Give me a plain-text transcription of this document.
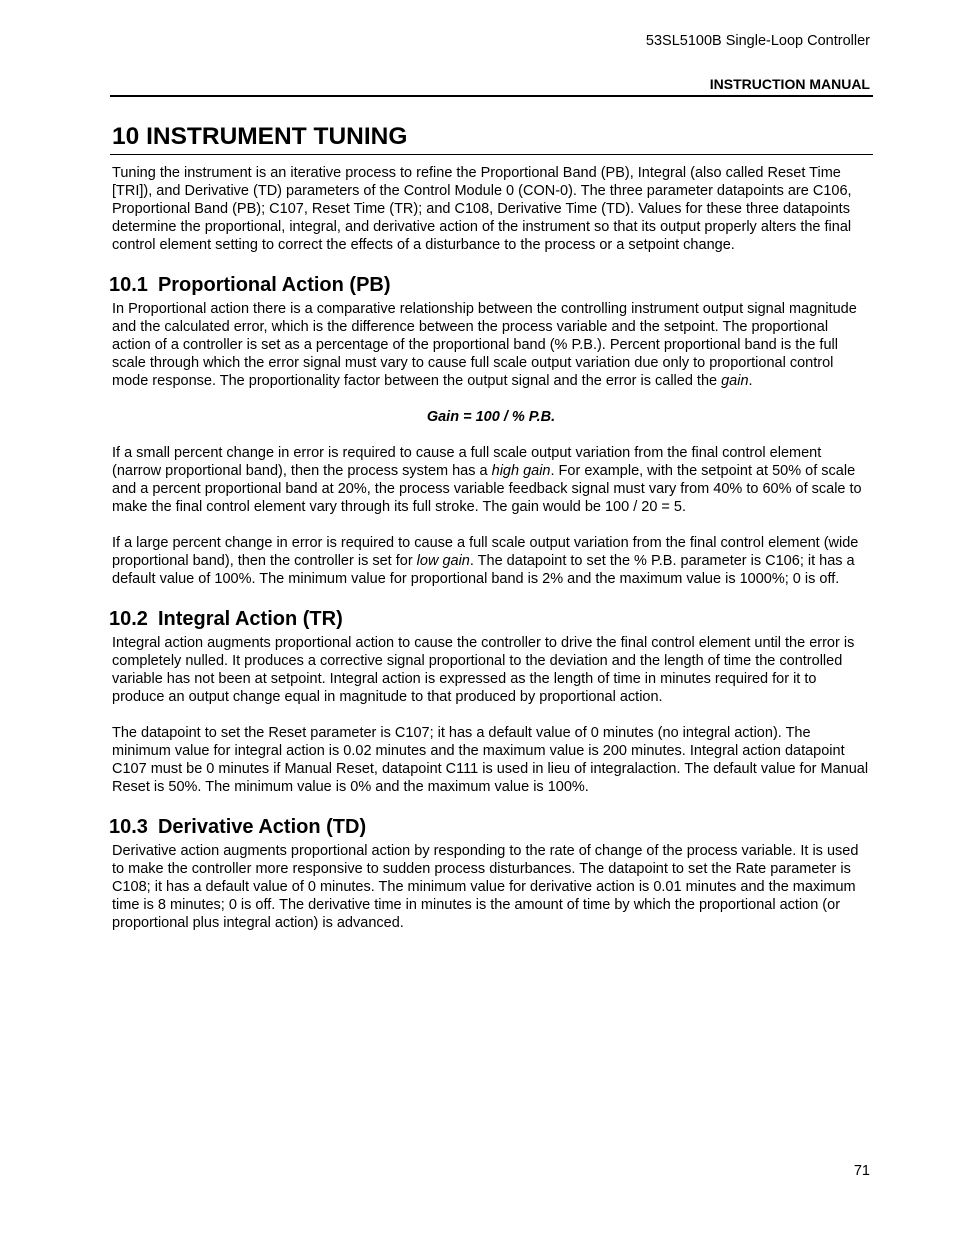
53SL5100B Single-Loop Controller
INSTRUCTION MANUAL
10 INSTRUMENT TUNING

Tuning the instrument is an iterative process to refine the Proportional Band (PB), Integral (also called Reset Time [TRI]), and Derivative (TD) parameters of the Control Module 0 (CON-0). The three parameter datapoints are C106, Proportional Band (PB); C107, Reset Time (TR); and C108, Derivative Time (TD). Values for these three datapoints determine the proportional, integral, and derivative action of the instrument so that its output properly alters the final control element setting to correct the effects of a disturbance to the process or a setpoint change.

10.1 Proportional Action (PB)

In Proportional action there is a comparative relationship between the controlling instrument output signal magnitude and the calculated error, which is the difference between the process variable and the setpoint. The proportional action of a controller is set as a percentage of the proportional band (% P.B.). Percent proportional band is the full scale through which the error signal must vary to cause full scale output variation due only to proportional control mode response. The proportionality factor between the output signal and the error is called the gain.

Gain = 100 / % P.B.

If a small percent change in error is required to cause a full scale output variation from the final control element (narrow proportional band), then the process system has a high gain. For example, with the setpoint at 50% of scale and a percent proportional band at 20%, the process variable feedback signal must vary from 40% to 60% of scale to make the final control element vary through its full stroke. The gain would be 100 / 20 = 5.

If a large percent change in error is required to cause a full scale output variation from the final control element (wide proportional band), then the controller is set for low gain. The datapoint to set the % P.B. parameter is C106; it has a default value of 100%. The minimum value for proportional band is 2% and the maximum value is 1000%; 0 is off.

10.2 Integral Action (TR)

Integral action augments proportional action to cause the controller to drive the final control element until the error is completely nulled. It produces a corrective signal proportional to the deviation and the length of time the controlled variable has not been at setpoint. Integral action is expressed as the length of time in minutes required for it to produce an output change equal in magnitude to that produced by proportional action.

The datapoint to set the Reset parameter is C107; it has a default value of 0 minutes (no integral action). The minimum value for integral action is 0.02 minutes and the maximum value is 200 minutes. Integral action datapoint C107 must be 0 minutes if Manual Reset, datapoint C111 is used in lieu of integralaction. The default value for Manual Reset is 50%. The minimum value is 0% and the maximum value is 100%.

10.3 Derivative Action (TD)

Derivative action augments proportional action by responding to the rate of change of the process variable. It is used to make the controller more responsive to sudden process disturbances. The datapoint to set the Rate parameter is C108; it has a default value of 0 minutes. The minimum value for derivative action is 0.01 minutes and the maximum time is 8 minutes; 0 is off. The derivative time in minutes is the amount of time by which the proportional action (or proportional plus integral action) is advanced.

71
